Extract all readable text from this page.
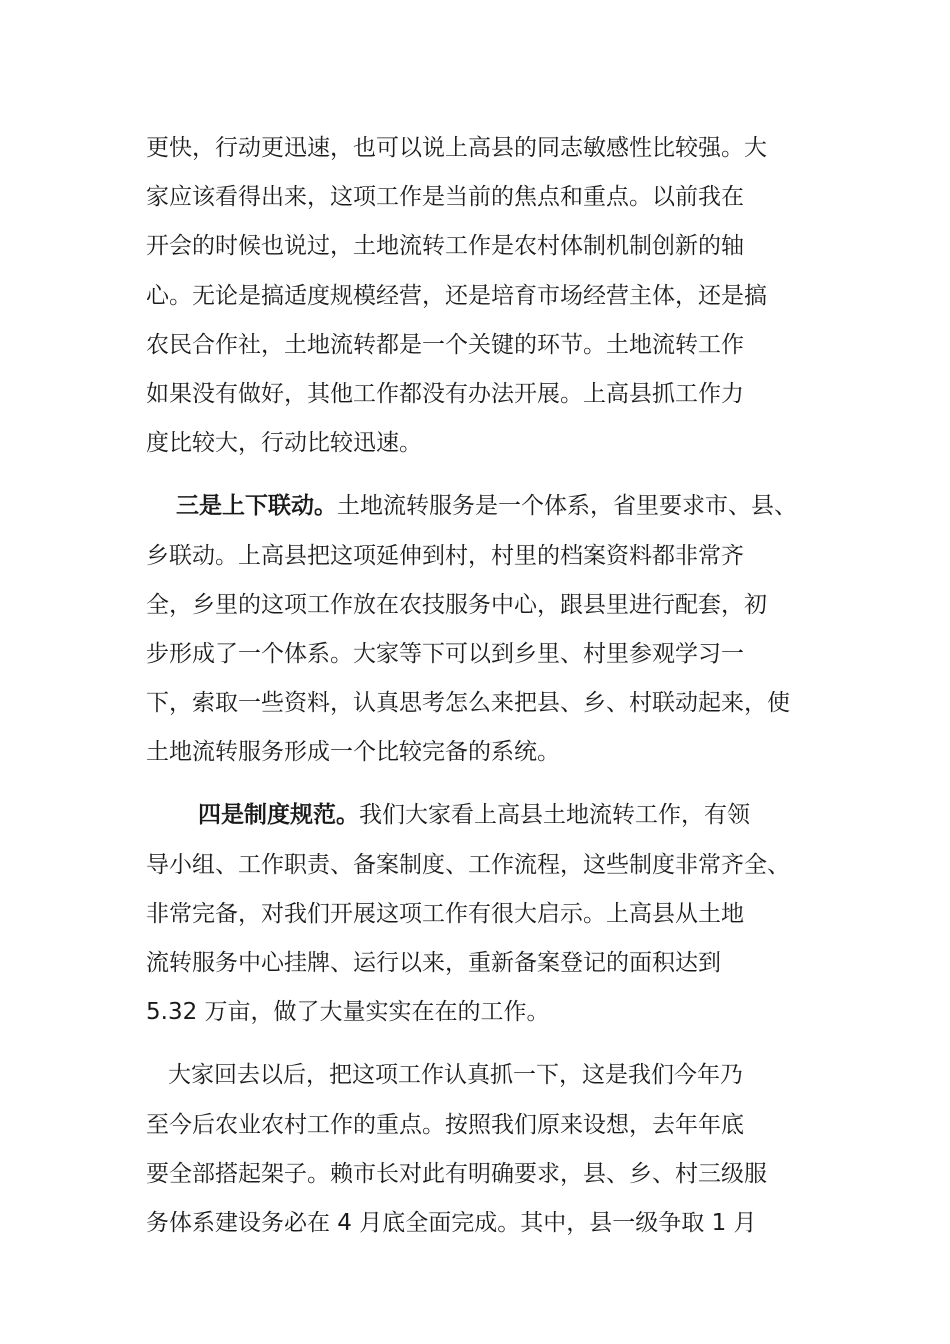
更快，行动更迅速，也可以说上高县的同志敏感性比较强。大
家应该看得出来，这项工作是当前的焦点和重点。以前我在
开会的时候也说过，土地流转工作是农村体制机制创新的轴
心。无论是搞适度规模经营，还是培育市场经营主体，还是搞
农民合作社，土地流转都是一个关键的环节。土地流转工作
如果没有做好，其他工作都没有办法开展。上高县抓工作力
度比较大，行动比较迅速。
三是上下联动。土地流转服务是一个体系，省里要求市、县、
乡联动。上高县把这项延伸到村，村里的档案资料都非常齐
全，乡里的这项工作放在农技服务中心，跟县里进行配套，初
步形成了一个体系。大家等下可以到乡里、村里参观学习一
下，索取一些资料，认真思考怎么来把县、乡、村联动起来，使
土地流转服务形成一个比较完备的系统。
四是制度规范。我们大家看上高县土地流转工作，有领
导小组、工作职责、备案制度、工作流程，这些制度非常齐全、
非常完备，对我们开展这项工作有很大启示。上高县从土地
流转服务中心挂牌、运行以来，重新备案登记的面积达到
5.32 万亩，做了大量实实在在的工作。
大家回去以后，把这项工作认真抓一下，这是我们今年乃
至今后农业农村工作的重点。按照我们原来设想，去年年底
要全部搭起架子。赖市长对此有明确要求，县、乡、村三级服
务体系建设务必在 4 月底全面完成。其中，县一级争取 1 月
